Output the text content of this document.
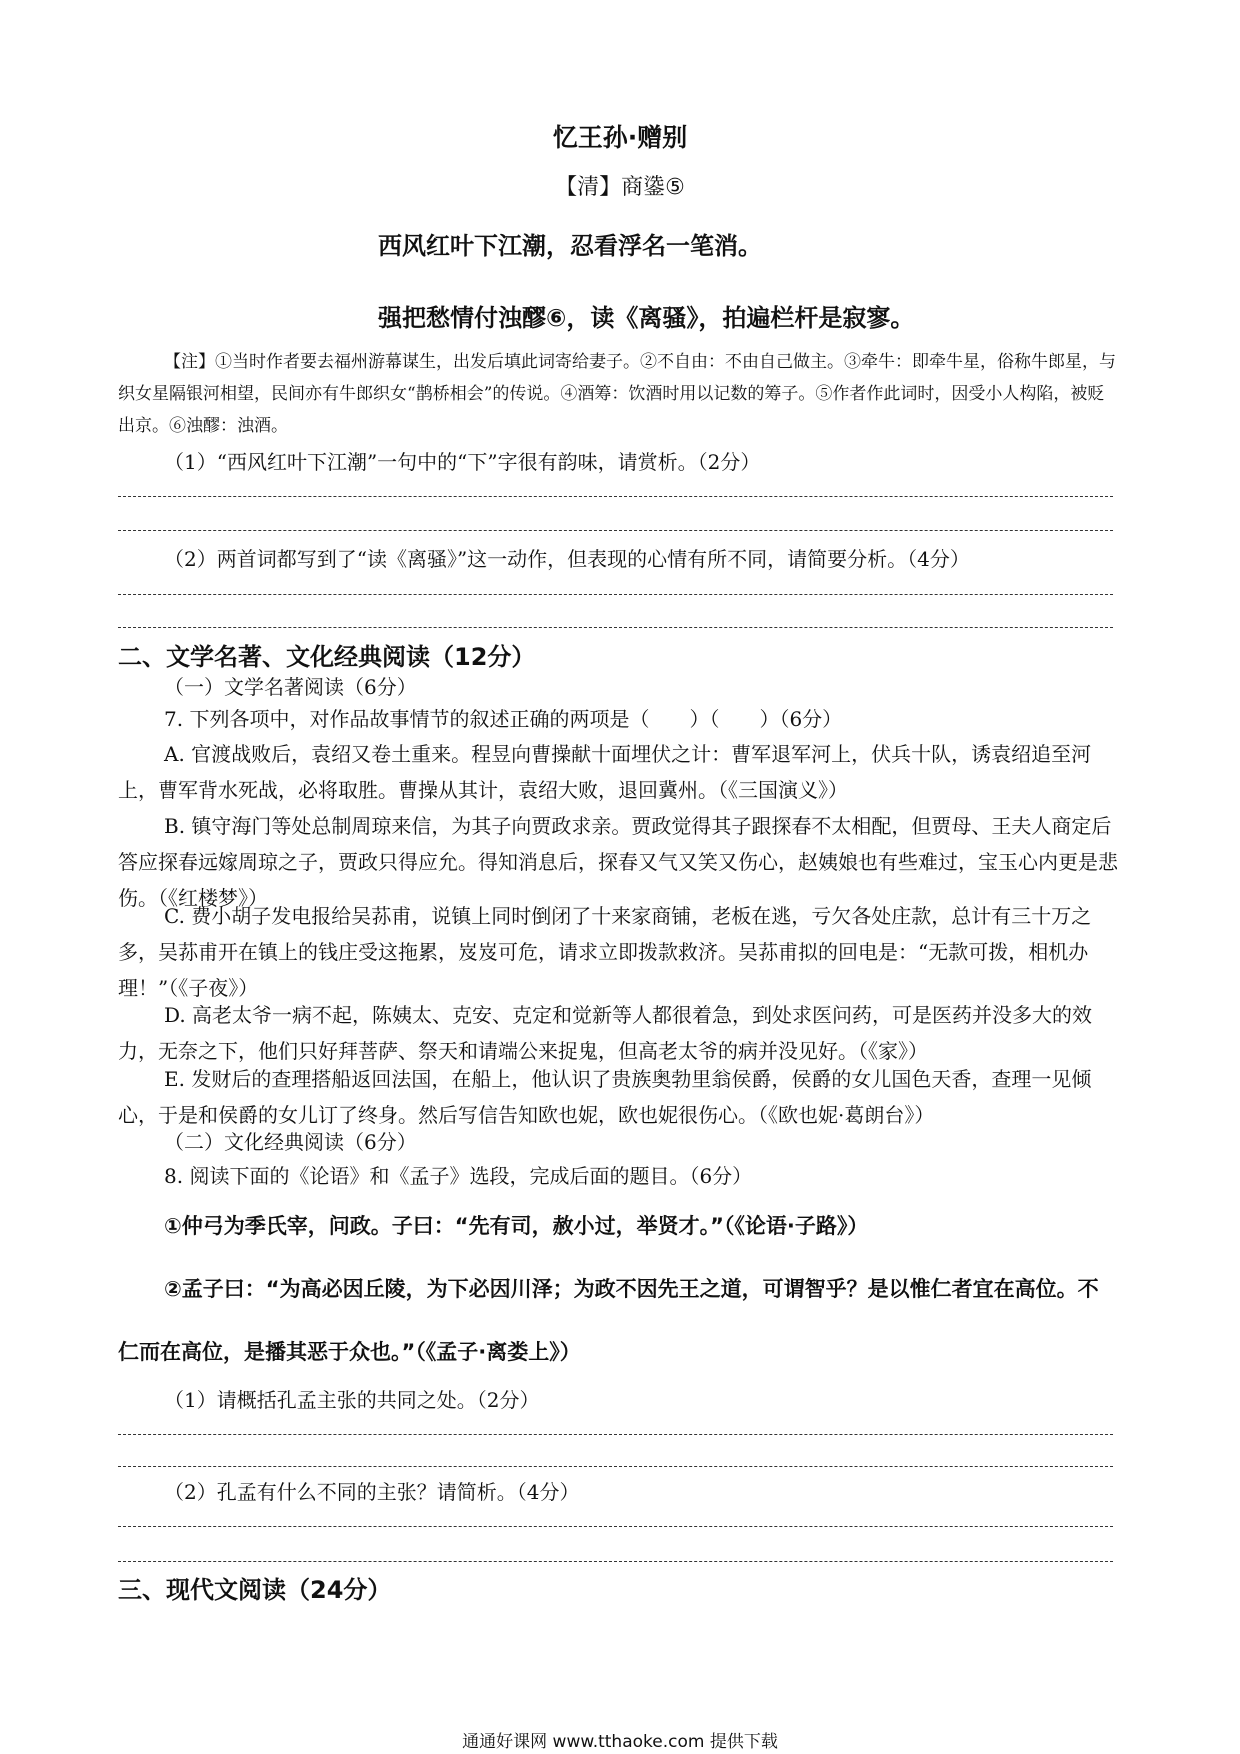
忆王孙·赠别
【清】商鍌⑤
西风红叶下江潮，忍看浮名一笔消。
强把愁情付浊醪⑥，读《离骚》，拍遍栏杆是寂寥。
【注】①当时作者要去福州游幕谋生，出发后填此词寄给妻子。②不自由：不由自己做主。③牵牛：即牵牛星，俗称牛郎星，与织女星隔银河相望，民间亦有牛郎织女“鹊桥相会”的传说。④酒筹：饮酒时用以记数的筹子。⑤作者作此词时，因受小人构陷，被贬出京。⑥浊醪：浊酒。
（1）“西风红叶下江潮”一句中的“下”字很有韵味，请赏析。（2分）
（2）两首词都写到了“读《离骚》”这一动作，但表现的心情有所不同，请简要分析。（4分）
二、文学名著、文化经典阅读（12分）
（一）文学名著阅读（6分）
7. 下列各项中，对作品故事情节的叙述正确的两项是（　　）（　　）（6分）
A. 官渡战败后，袁绍又卷土重来。程昱向曹操献十面埋伏之计：曹军退军河上，伏兵十队，诱袁绍追至河上，曹军背水死战，必将取胜。曹操从其计，袁绍大败，退回冀州。（《三国演义》）
B. 镇守海门等处总制周琼来信，为其子向贾政求亲。贾政觉得其子跟探春不太相配，但贾母、王夫人商定后答应探春远嫁周琼之子，贾政只得应允。得知消息后，探春又气又笑又伤心，赵姨娘也有些难过，宝玉心内更是悲伤。（《红楼梦》）
C. 费小胡子发电报给吴荪甫，说镇上同时倒闭了十来家商铺，老板在逃，亏欠各处庄款，总计有三十万之多，吴荪甫开在镇上的钱庄受这拖累，岌岌可危，请求立即拨款救济。吴荪甫拟的回电是：“无款可拨，相机办理！”（《子夜》）
D. 高老太爷一病不起，陈姨太、克安、克定和觉新等人都很着急，到处求医问药，可是医药并没多大的效力，无奈之下，他们只好拜菩萨、祭天和请端公来捉鬼，但高老太爷的病并没见好。（《家》）
E. 发财后的查理搭船返回法国，在船上，他认识了贵族奥勃里翁侯爵，侯爵的女儿国色天香，查理一见倾心，于是和侯爵的女儿订了终身。然后写信告知欧也妮，欧也妮很伤心。（《欧也妮·葛朗台》）
（二）文化经典阅读（6分）
8. 阅读下面的《论语》和《孟子》选段，完成后面的题目。（6分）
①仲弓为季氏宰，问政。子曰：“先有司，赦小过，举贤才。”（《论语·子路》）
②孟子曰：“为高必因丘陵，为下必因川泽；为政不因先王之道，可谓智乎？是以惟仁者宜在高位。不
仁而在高位，是播其恶于众也。”（《孟子·离娄上》）
（1）请概括孔孟主张的共同之处。（2分）
（2）孔孟有什么不同的主张？请简析。（4分）
三、现代文阅读（24分）
通通好课网 www.tthaoke.com 提供下载
